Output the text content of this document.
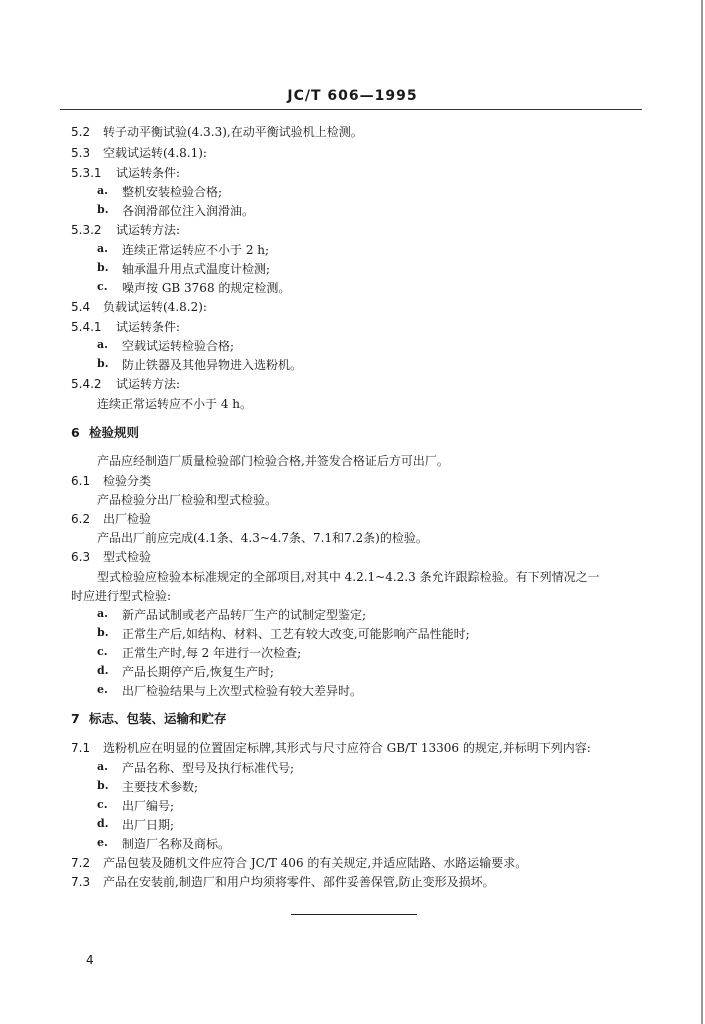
JC/T 606—1995
5.2 转子动平衡试验(4.3.3),在动平衡试验机上检测。
5.3 空载试运转(4.8.1):
5.3.1 试运转条件:
a. 整机安装检验合格;
b. 各润滑部位注入润滑油。
5.3.2 试运转方法:
a. 连续正常运转应不小于 2 h;
b. 轴承温升用点式温度计检测;
c. 噪声按 GB 3768 的规定检测。
5.4 负载试运转(4.8.2):
5.4.1 试运转条件:
a. 空载试运转检验合格;
b. 防止铁器及其他异物进入选粉机。
5.4.2 试运转方法:
连续正常运转应不小于 4 h。
6 检验规则
产品应经制造厂质量检验部门检验合格,并签发合格证后方可出厂。
6.1 检验分类
产品检验分出厂检验和型式检验。
6.2 出厂检验
产品出厂前应完成(4.1条、4.3~4.7条、7.1和7.2条)的检验。
6.3 型式检验
型式检验应检验本标准规定的全部项目,对其中 4.2.1~4.2.3 条允许跟踪检验。有下列情况之一
时应进行型式检验:
a. 新产品试制或老产品转厂生产的试制定型鉴定;
b. 正常生产后,如结构、材料、工艺有较大改变,可能影响产品性能时;
c. 正常生产时,每 2 年进行一次检查;
d. 产品长期停产后,恢复生产时;
e. 出厂检验结果与上次型式检验有较大差异时。
7 标志、包装、运输和贮存
7.1 选粉机应在明显的位置固定标牌,其形式与尺寸应符合 GB/T 13306 的规定,并标明下列内容:
a. 产品名称、型号及执行标准代号;
b. 主要技术参数;
c. 出厂编号;
d. 出厂日期;
e. 制造厂名称及商标。
7.2 产品包装及随机文件应符合 JC/T 406 的有关规定,并适应陆路、水路运输要求。
7.3 产品在安装前,制造厂和用户均须将零件、部件妥善保管,防止变形及损坏。
4
